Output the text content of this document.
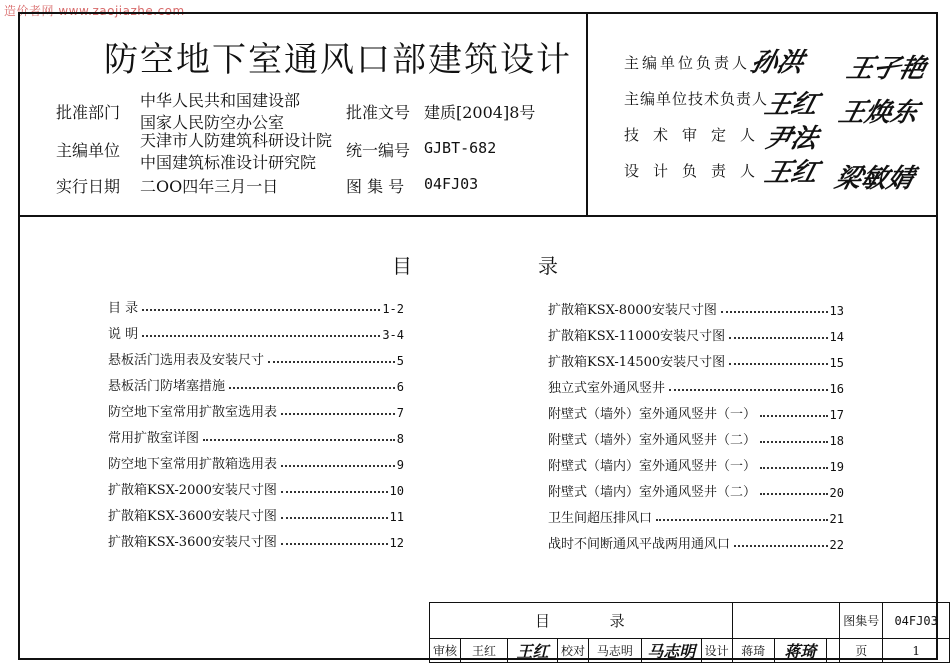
造价者网 www.zaojiazhe.com
防空地下室通风口部建筑设计
批准部门
中华人民共和国建设部
国家人民防空办公室
批准文号 建质[2004]8号
主编单位
天津市人防建筑科研设计院
中国建筑标准设计研究院
统一编号 GJBT-682
实行日期 二OO四年三月一日	图 集 号 04FJ03
主编单位负责人
孙洪 王孑艳
主编单位技术负责人
王红 王焕东
技术审定人
尹法
设计负责人
王红 梁敏婧
目	录
目 录	1-2
说 明	3-4
悬板活门选用表及安装尺寸	5
悬板活门防堵塞措施	6
防空地下室常用扩散室选用表	7
常用扩散室详图	8
防空地下室常用扩散箱选用表	9
扩散箱KSX-2000安装尺寸图	10
扩散箱KSX-3600安装尺寸图	11
扩散箱KSX-3600安装尺寸图	12
扩散箱KSX-8000安装尺寸图	13
扩散箱KSX-11000安装尺寸图	14
扩散箱KSX-14500安装尺寸图	15
独立式室外通风竖井	16
附壁式（墙外）室外通风竖井（一）	17
附壁式（墙外）室外通风竖井（二）	18
附壁式（墙内）室外通风竖井（一）	19
附壁式（墙内）室外通风竖井（二）	20
卫生间超压排风口	21
战时不间断通风平战两用通风口	22
目 录										图集号	04FJ03
审核	王红	王红	校对	马志明	马志明	设计	蒋琦	蒋琦		页	1
